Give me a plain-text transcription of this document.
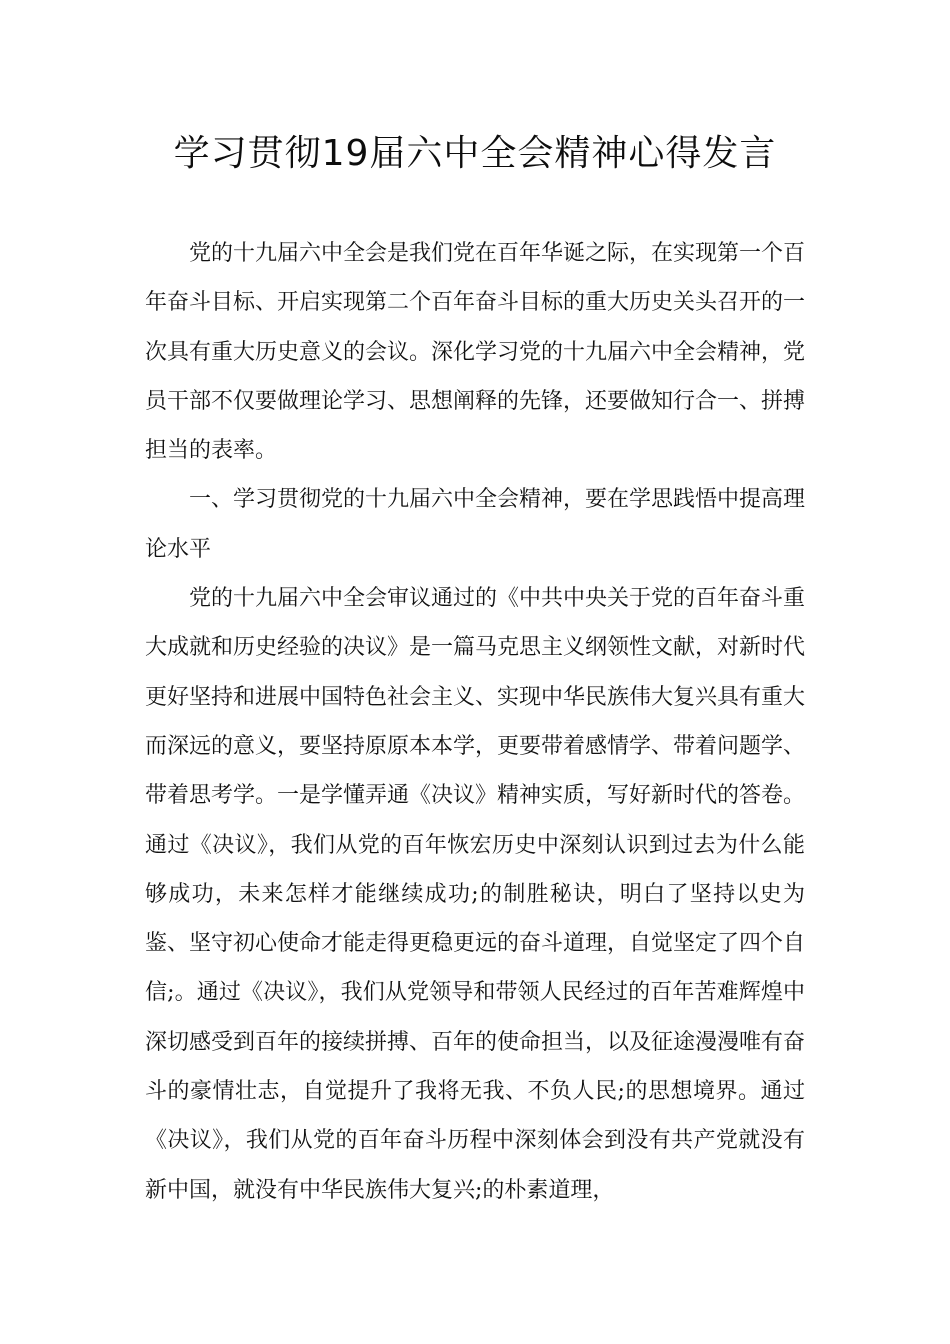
学习贯彻19届六中全会精神心得发言

党的十九届六中全会是我们党在百年华诞之际，在实现第一个百年奋斗目标、开启实现第二个百年奋斗目标的重大历史关头召开的一次具有重大历史意义的会议。深化学习党的十九届六中全会精神，党员干部不仅要做理论学习、思想阐释的先锋，还要做知行合一、拼搏担当的表率。

一、学习贯彻党的十九届六中全会精神，要在学思践悟中提高理论水平

党的十九届六中全会审议通过的《中共中央关于党的百年奋斗重大成就和历史经验的决议》是一篇马克思主义纲领性文献，对新时代更好坚持和进展中国特色社会主义、实现中华民族伟大复兴具有重大而深远的意义，要坚持原原本本学，更要带着感情学、带着问题学、带着思考学。一是学懂弄通《决议》精神实质，写好新时代的答卷。通过《决议》，我们从党的百年恢宏历史中深刻认识到过去为什么能够成功，未来怎样才能继续成功;的制胜秘诀，明白了坚持以史为鉴、坚守初心使命才能走得更稳更远的奋斗道理，自觉坚定了四个自信;。通过《决议》，我们从党领导和带领人民经过的百年苦难辉煌中深切感受到百年的接续拼搏、百年的使命担当，以及征途漫漫唯有奋斗的豪情壮志，自觉提升了我将无我、不负人民;的思想境界。通过《决议》，我们从党的百年奋斗历程中深刻体会到没有共产党就没有新中国，就没有中华民族伟大复兴;的朴素道理，
